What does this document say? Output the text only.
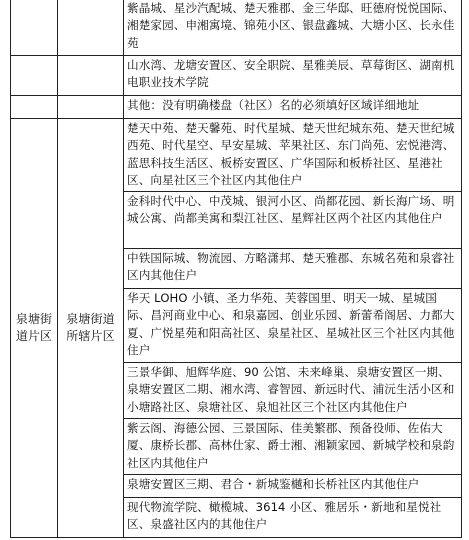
		紫晶城、星沙汽配城、楚天雅郡、金三华邸、旺德府悦悦国际、湘楚家园、申湘寓境、锦苑小区、银盘鑫城、大塘小区、长永佳苑
		山水湾、龙塘安置区、安全职院、星雅美辰、草莓街区、湖南机电职业技术学院
		其他：没有明确楼盘（社区）名的必须填好区域详细地址
泉塘街道片区	泉塘街道所辖片区	楚天中苑、楚天馨苑、时代星城、楚天世纪城东苑、楚天世纪城西苑、时代星空、早安星城、苹果社区、东门尚苑、宏悦港湾、蓝思科技生活区、板桥安置区、广华国际和板桥社区、星港社区、向星社区三个社区内其他住户
		金科时代中心、中茂城、银河小区、尚都花园、新长海广场、明城公寓、尚都美寓和梨江社区、星辉社区两个社区内其他住户
		中铁国际城、物流园、方略潇邦、楚天雅郡、东城名苑和泉睿社区内其他住户
		华天 LOHO 小镇、圣力华苑、芙蓉国里、明天一城、星城国际、昌河商业中心、和泉嘉园、创业乐园、新蕾希阁居、力都大夏、广悦星苑和阳高社区、泉星社区、星城社区三个社区内其他住户
		三景华御、旭辉华庭、90 公馆、未来峰巢、泉塘安置区一期、泉塘安置区二期、湘水湾、睿智园、新远时代、浦沅生活小区和小塘路社区、泉塘社区、泉旭社区三个社区内其他住户
		紫云阁、海德公园、三景国际、佳美繁郡、预备役师、佐佑大厦、康桥长郡、高林仕家、爵士湘、湘颖家园、新城学校和泉韵社区内其他住户
		泉塘安置区三期、君合・新城鉴樾和长桥社区内其他住户
		现代物流学院、橄榄城、3614 小区、雅居乐・新地和星悦社区、泉盛社区内的其他住户
